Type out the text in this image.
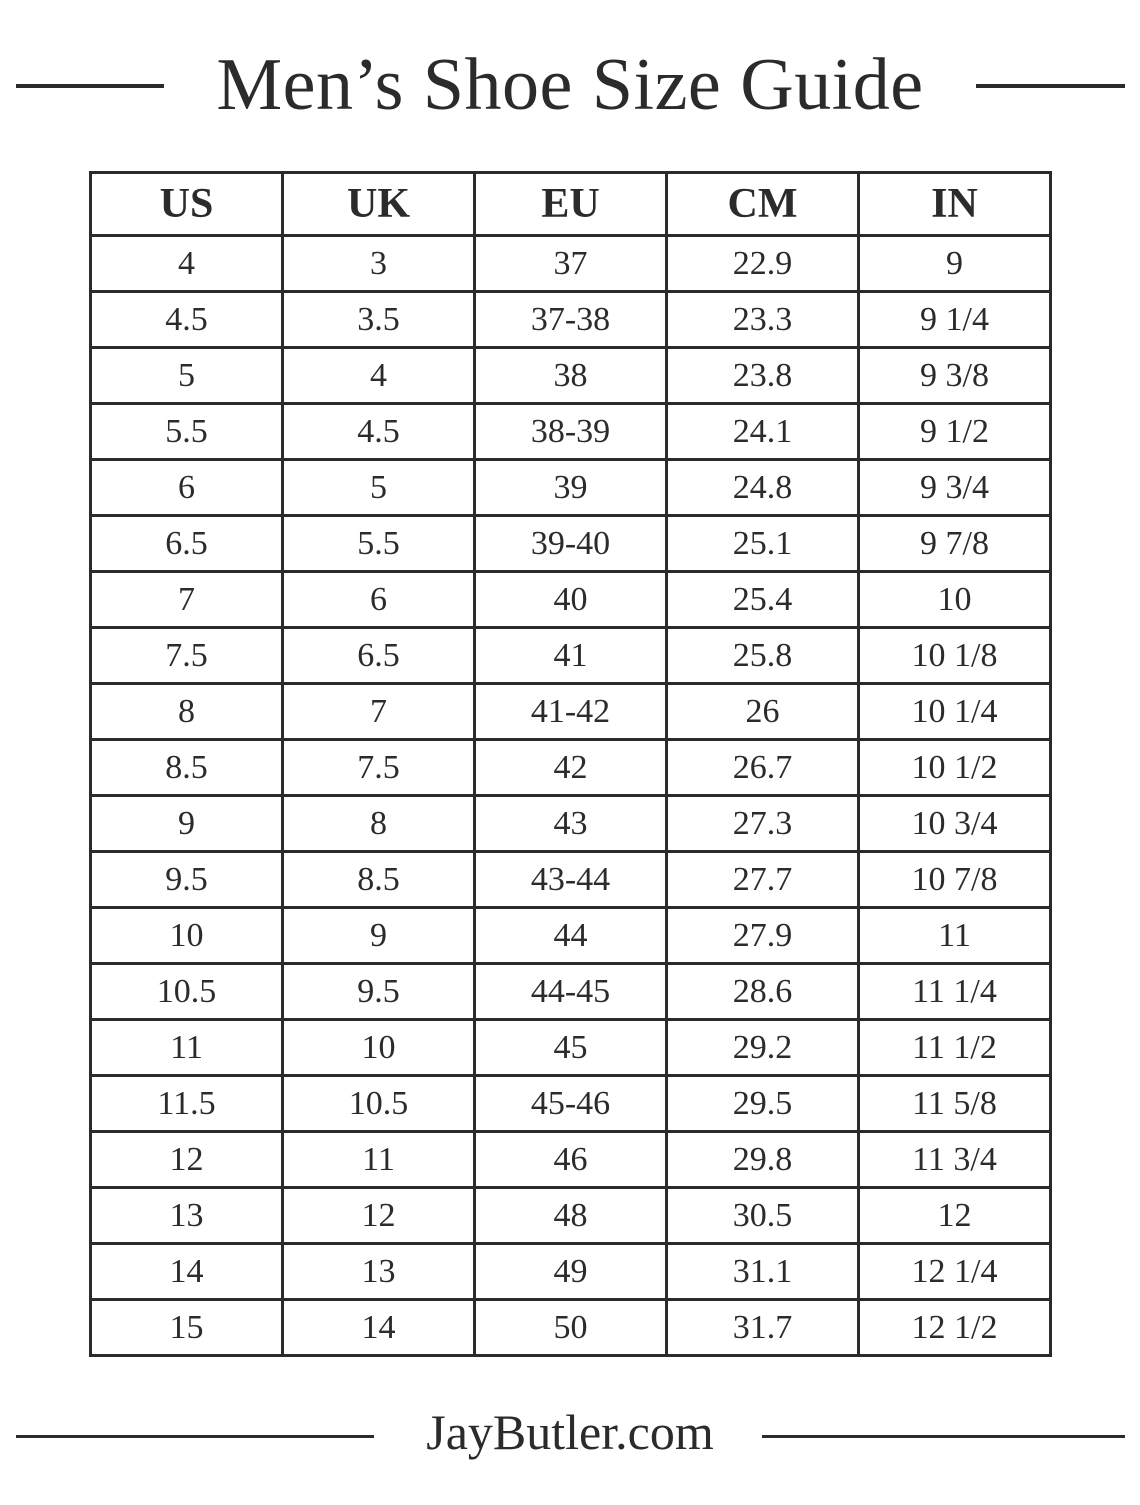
Men’s Shoe Size Guide
US	UK	EU	CM	IN
4	3	37	22.9	9
4.5	3.5	37-38	23.3	9 1/4
5	4	38	23.8	9 3/8
5.5	4.5	38-39	24.1	9 1/2
6	5	39	24.8	9 3/4
6.5	5.5	39-40	25.1	9 7/8
7	6	40	25.4	10
7.5	6.5	41	25.8	10 1/8
8	7	41-42	26	10 1/4
8.5	7.5	42	26.7	10 1/2
9	8	43	27.3	10 3/4
9.5	8.5	43-44	27.7	10 7/8
10	9	44	27.9	11
10.5	9.5	44-45	28.6	11 1/4
11	10	45	29.2	11 1/2
11.5	10.5	45-46	29.5	11 5/8
12	11	46	29.8	11 3/4
13	12	48	30.5	12
14	13	49	31.1	12 1/4
15	14	50	31.7	12 1/2
JayButler.com
